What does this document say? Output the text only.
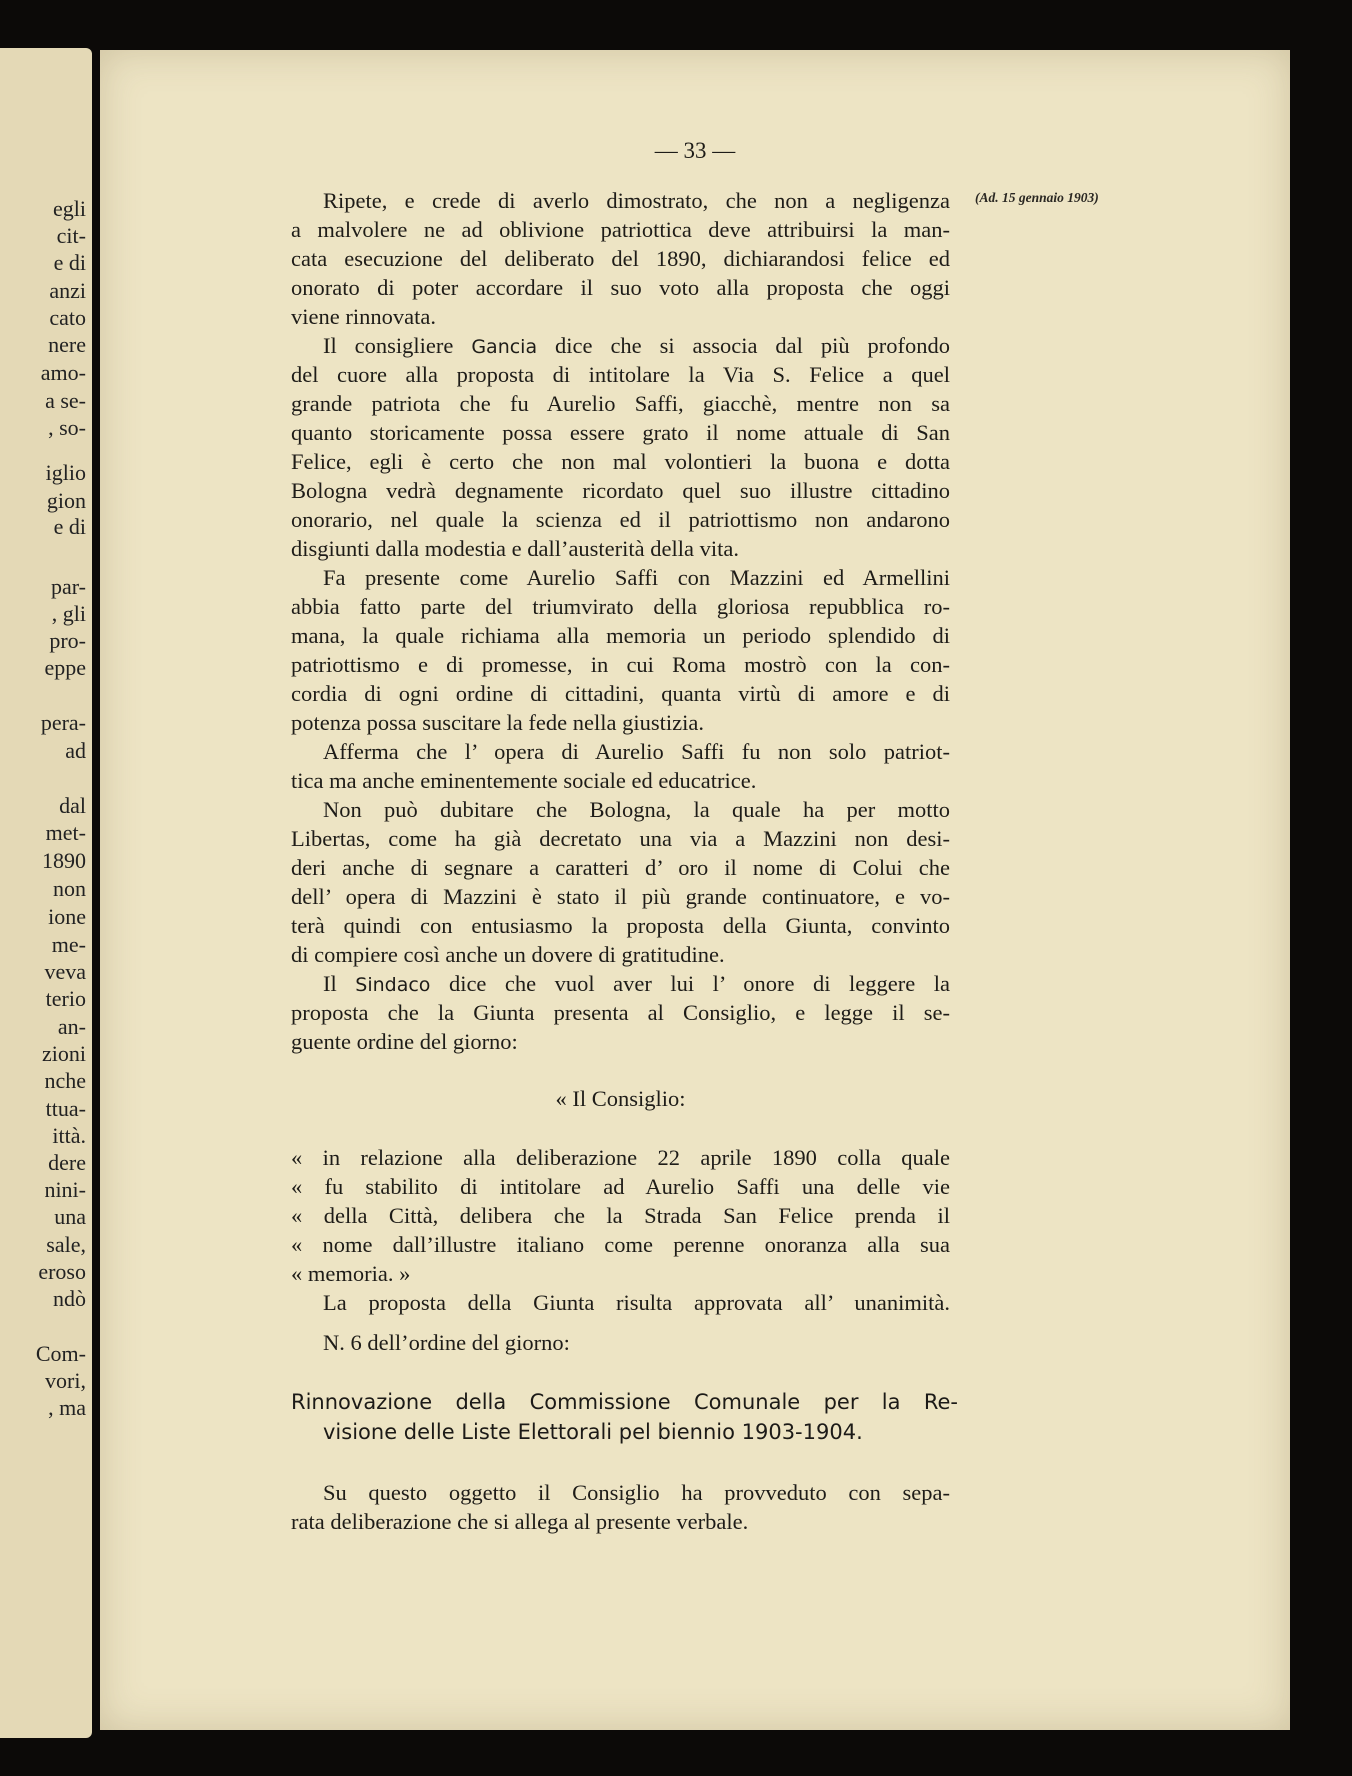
egli
cit-
e di
anzi
cato
nere
amo-
a se-
, so-
iglio
gion
e di
par-
, gli
pro-
eppe
pera-
ad
dal
met-
1890
non
ione
me-
veva
terio
an-
zioni
nche
ttua-
ittà.
dere
nini-
una
sale,
eroso
ndò
Com-
vori,
, ma
— 33 —
(Ad. 15 gennaio 1903)
Ripete, e crede di averlo dimostrato, che non a negligenza
a malvolere ne ad oblivione patriottica deve attribuirsi la man-
cata esecuzione del deliberato del 1890, dichiarandosi felice ed
onorato di poter accordare il suo voto alla proposta che oggi
viene rinnovata.
Il consigliere Gancia dice che si associa dal più profondo
del cuore alla proposta di intitolare la Via S. Felice a quel
grande patriota che fu Aurelio Saffi, giacchè, mentre non sa
quanto storicamente possa essere grato il nome attuale di San
Felice, egli è certo che non mal volontieri la buona e dotta
Bologna vedrà degnamente ricordato quel suo illustre cittadino
onorario, nel quale la scienza ed il patriottismo non andarono
disgiunti dalla modestia e dall’austerità della vita.
Fa presente come Aurelio Saffi con Mazzini ed Armellini
abbia fatto parte del triumvirato della gloriosa repubblica ro-
mana, la quale richiama alla memoria un periodo splendido di
patriottismo e di promesse, in cui Roma mostrò con la con-
cordia di ogni ordine di cittadini, quanta virtù di amore e di
potenza possa suscitare la fede nella giustizia.
Afferma che l’ opera di Aurelio Saffi fu non solo patriot-
tica ma anche eminentemente sociale ed educatrice.
Non può dubitare che Bologna, la quale ha per motto
Libertas, come ha già decretato una via a Mazzini non desi-
deri anche di segnare a caratteri d’ oro il nome di Colui che
dell’ opera di Mazzini è stato il più grande continuatore, e vo-
terà quindi con entusiasmo la proposta della Giunta, convinto
di compiere così anche un dovere di gratitudine.
Il Sindaco dice che vuol aver lui l’ onore di leggere la
proposta che la Giunta presenta al Consiglio, e legge il se-
guente ordine del giorno:
« Il Consiglio:
« in relazione alla deliberazione 22 aprile 1890 colla quale
« fu stabilito di intitolare ad Aurelio Saffi una delle vie
« della Città, delibera che la Strada San Felice prenda il
« nome dall’illustre italiano come perenne onoranza alla sua
« memoria. »
La proposta della Giunta risulta approvata all’ unanimità.
N. 6 dell’ordine del giorno:
Rinnovazione della Commissione Comunale per la Re-
visione delle Liste Elettorali pel biennio 1903-1904.
Su questo oggetto il Consiglio ha provveduto con sepa-
rata deliberazione che si allega al presente verbale.
